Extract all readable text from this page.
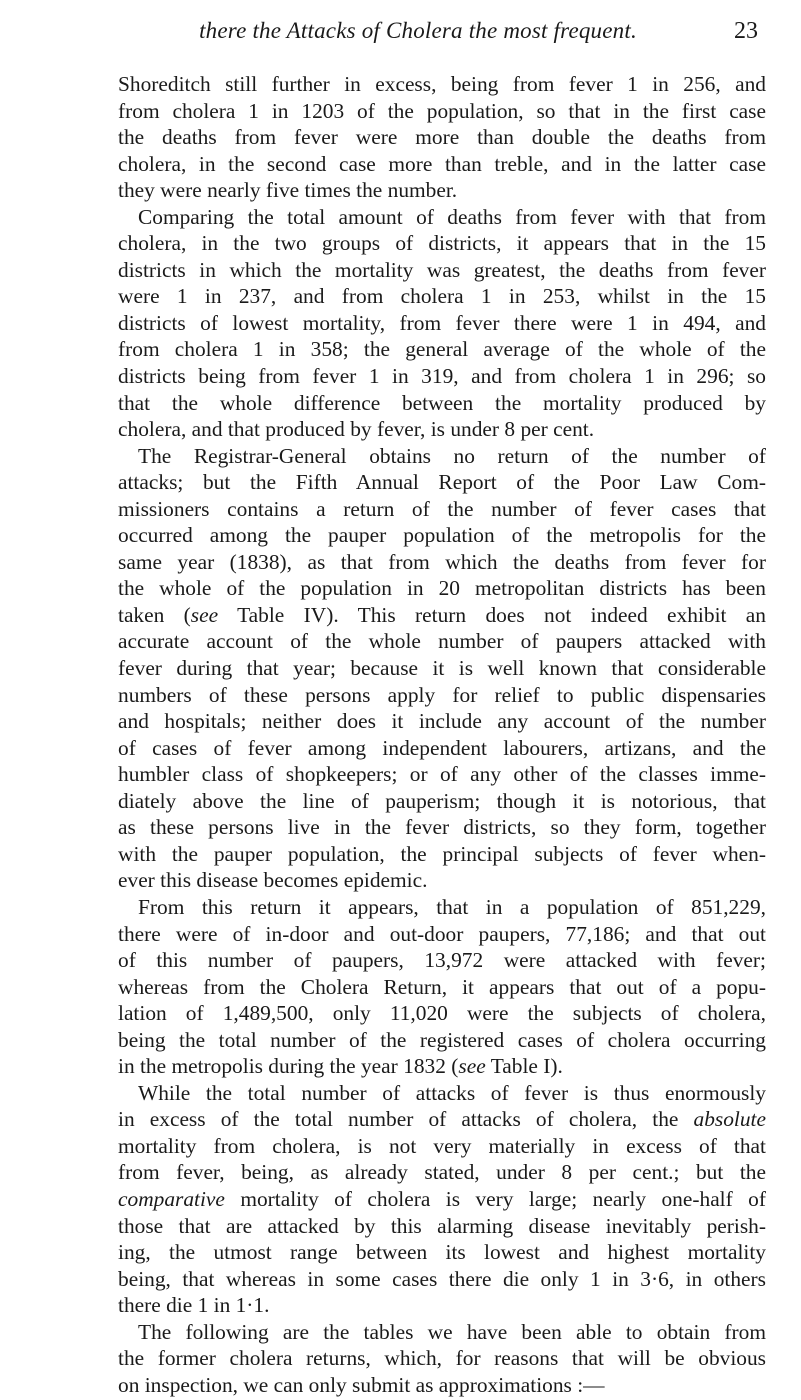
there the Attacks of Cholera the most frequent.	23
Shoreditch still further in excess, being from fever 1 in 256, and
from cholera 1 in 1203 of the population, so that in the first case
the deaths from fever were more than double the deaths from
cholera, in the second case more than treble, and in the latter case
they were nearly five times the number.
Comparing the total amount of deaths from fever with that from
cholera, in the two groups of districts, it appears that in the 15
districts in which the mortality was greatest, the deaths from fever
were 1 in 237, and from cholera 1 in 253, whilst in the 15
districts of lowest mortality, from fever there were 1 in 494, and
from cholera 1 in 358; the general average of the whole of the
districts being from fever 1 in 319, and from cholera 1 in 296; so
that the whole difference between the mortality produced by
cholera, and that produced by fever, is under 8 per cent.
The Registrar-General obtains no return of the number of
attacks; but the Fifth Annual Report of the Poor Law Com-
missioners contains a return of the number of fever cases that
occurred among the pauper population of the metropolis for the
same year (1838), as that from which the deaths from fever for
the whole of the population in 20 metropolitan districts has been
taken (see Table IV). This return does not indeed exhibit an
accurate account of the whole number of paupers attacked with
fever during that year; because it is well known that considerable
numbers of these persons apply for relief to public dispensaries
and hospitals; neither does it include any account of the number
of cases of fever among independent labourers, artizans, and the
humbler class of shopkeepers; or of any other of the classes imme-
diately above the line of pauperism; though it is notorious, that
as these persons live in the fever districts, so they form, together
with the pauper population, the principal subjects of fever when-
ever this disease becomes epidemic.
From this return it appears, that in a population of 851,229,
there were of in-door and out-door paupers, 77,186; and that out
of this number of paupers, 13,972 were attacked with fever;
whereas from the Cholera Return, it appears that out of a popu-
lation of 1,489,500, only 11,020 were the subjects of cholera,
being the total number of the registered cases of cholera occurring
in the metropolis during the year 1832 (see Table I).
While the total number of attacks of fever is thus enormously
in excess of the total number of attacks of cholera, the absolute
mortality from cholera, is not very materially in excess of that
from fever, being, as already stated, under 8 per cent.; but the
comparative mortality of cholera is very large; nearly one-half of
those that are attacked by this alarming disease inevitably perish-
ing, the utmost range between its lowest and highest mortality
being, that whereas in some cases there die only 1 in 3·6, in others
there die 1 in 1·1.
The following are the tables we have been able to obtain from
the former cholera returns, which, for reasons that will be obvious
on inspection, we can only submit as approximations :—
